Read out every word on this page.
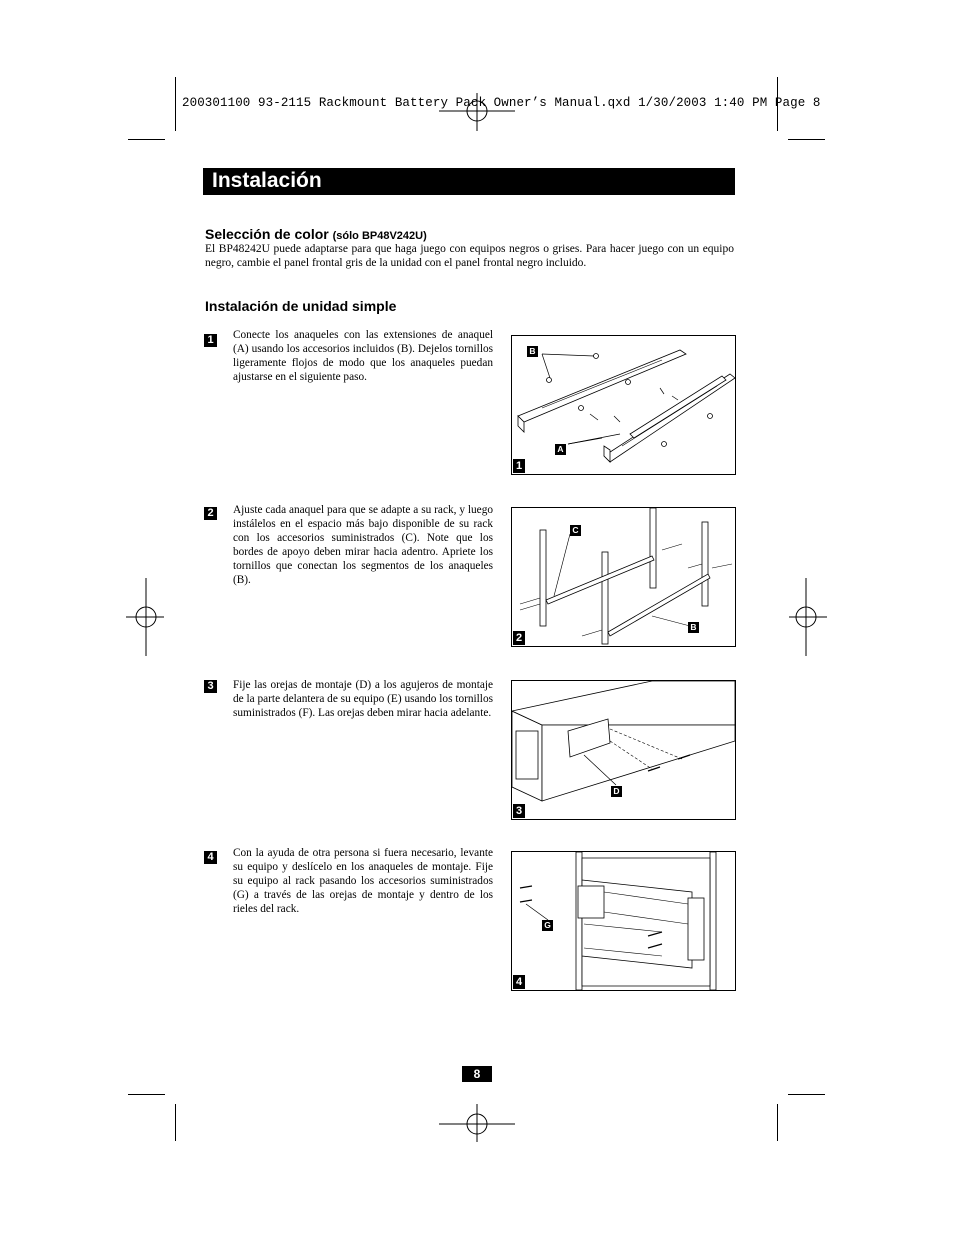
200301100 93-2115 Rackmount Battery Pack Owner’s Manual.qxd 1/30/2003 1:40 PM Page 8
Instalación
Selección de color (sólo BP48V242U)
El BP48242U puede adaptarse para que haga juego con equipos negros o grises. Para hacer juego con un equipo negro, cambie el panel frontal gris de la unidad con el panel frontal negro incluido.
Instalación de unidad simple
1	Conecte los anaqueles con las extensiones de anaquel (A) usando los accesorios incluidos (B). Dejelos tornillos ligeramente flojos de modo que los anaqueles puedan ajustarse en el siguiente paso.
B
A
1
2	Ajuste cada anaquel para que se adapte a su rack, y luego instálelos en el espacio más bajo disponible de su rack con los accesorios suministrados (C). Note que los bordes de apoyo deben mirar hacia adentro. Apriete los tornillos que conectan los segmentos de los anaqueles (B).
C
B
2
3	Fije las orejas de montaje (D) a los agujeros de montaje de la parte delantera de su equipo (E) usando los tornillos suministrados (F). Las orejas deben mirar hacia adelante.
D
3
4	Con la ayuda de otra persona si fuera necesario, levante su equipo y deslícelo en los anaqueles de montaje. Fije su equipo al rack pasando los accesorios suministrados (G) a través de las orejas de montaje y dentro de los rieles del rack.
G
4
8
